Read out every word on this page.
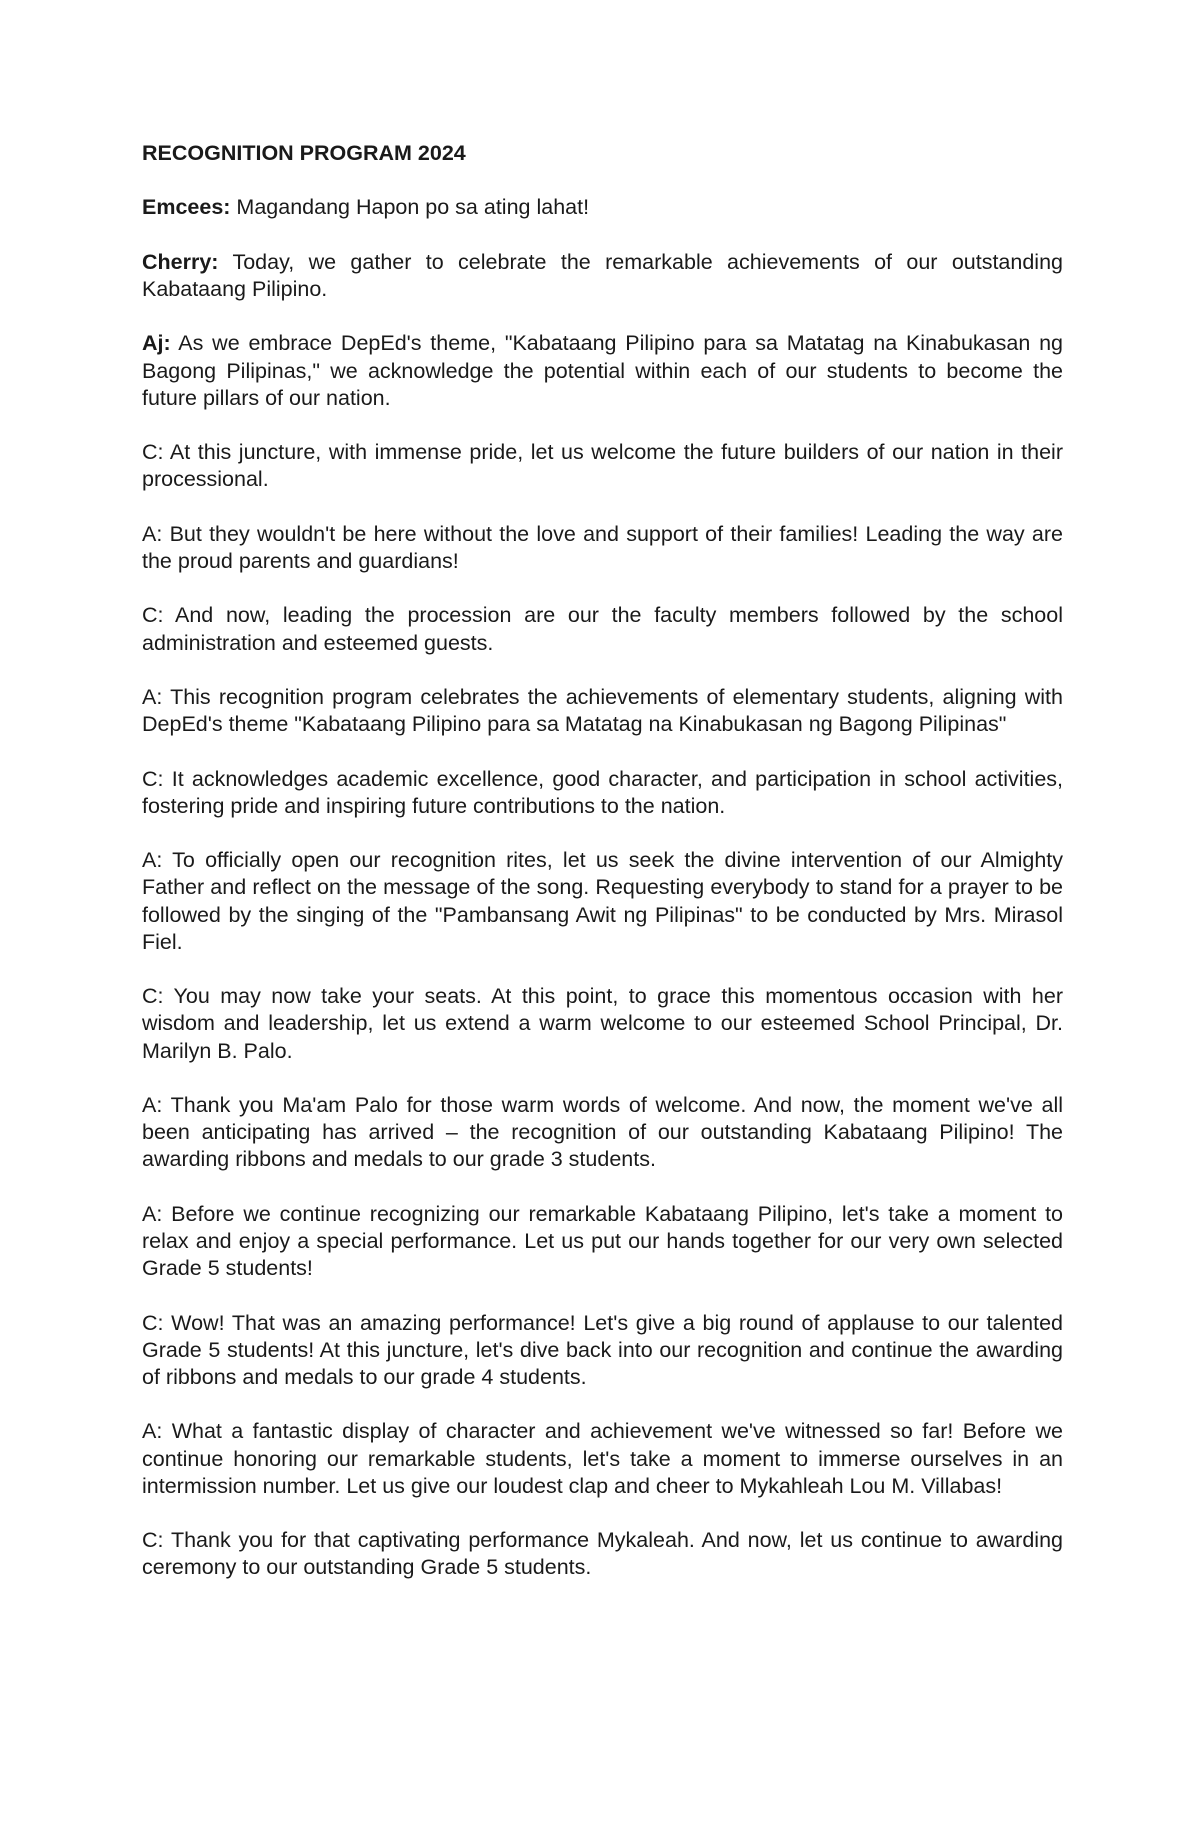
RECOGNITION PROGRAM 2024

Emcees: Magandang Hapon po sa ating lahat!

Cherry: Today, we gather to celebrate the remarkable achievements of our outstanding Kabataang Pilipino.

Aj: As we embrace DepEd's theme, "Kabataang Pilipino para sa Matatag na Kinabukasan ng Bagong Pilipinas," we acknowledge the potential within each of our students to become the future pillars of our nation.

C: At this juncture, with immense pride, let us welcome the future builders of our nation in their processional.

A: But they wouldn't be here without the love and support of their families! Leading the way are the proud parents and guardians!

C: And now, leading the procession are our the faculty members followed by the school administration and esteemed guests.

A: This recognition program celebrates the achievements of elementary students, aligning with DepEd's theme "Kabataang Pilipino para sa Matatag na Kinabukasan ng Bagong Pilipinas"

C: It acknowledges academic excellence, good character, and participation in school activities, fostering pride and inspiring future contributions to the nation.

A: To officially open our recognition rites, let us seek the divine intervention of our Almighty Father and reflect on the message of the song. Requesting everybody to stand for a prayer to be followed by the singing of the "Pambansang Awit ng Pilipinas" to be conducted by Mrs. Mirasol Fiel.

C: You may now take your seats. At this point, to grace this momentous occasion with her wisdom and leadership, let us extend a warm welcome to our esteemed School Principal, Dr. Marilyn B. Palo.

A: Thank you Ma'am Palo for those warm words of welcome. And now, the moment we've all been anticipating has arrived – the recognition of our outstanding Kabataang Pilipino! The awarding ribbons and medals to our grade 3 students.

A: Before we continue recognizing our remarkable Kabataang Pilipino, let's take a moment to relax and enjoy a special performance. Let us put our hands together for our very own selected Grade 5 students!

C: Wow! That was an amazing performance! Let's give a big round of applause to our talented Grade 5 students! At this juncture, let's dive back into our recognition and continue the awarding of ribbons and medals to our grade 4 students.

A: What a fantastic display of character and achievement we've witnessed so far! Before we continue honoring our remarkable students, let's take a moment to immerse ourselves in an intermission number. Let us give our loudest clap and cheer to Mykahleah Lou M. Villabas!

C: Thank you for that captivating performance Mykaleah. And now, let us continue to awarding ceremony to our outstanding Grade 5 students.
